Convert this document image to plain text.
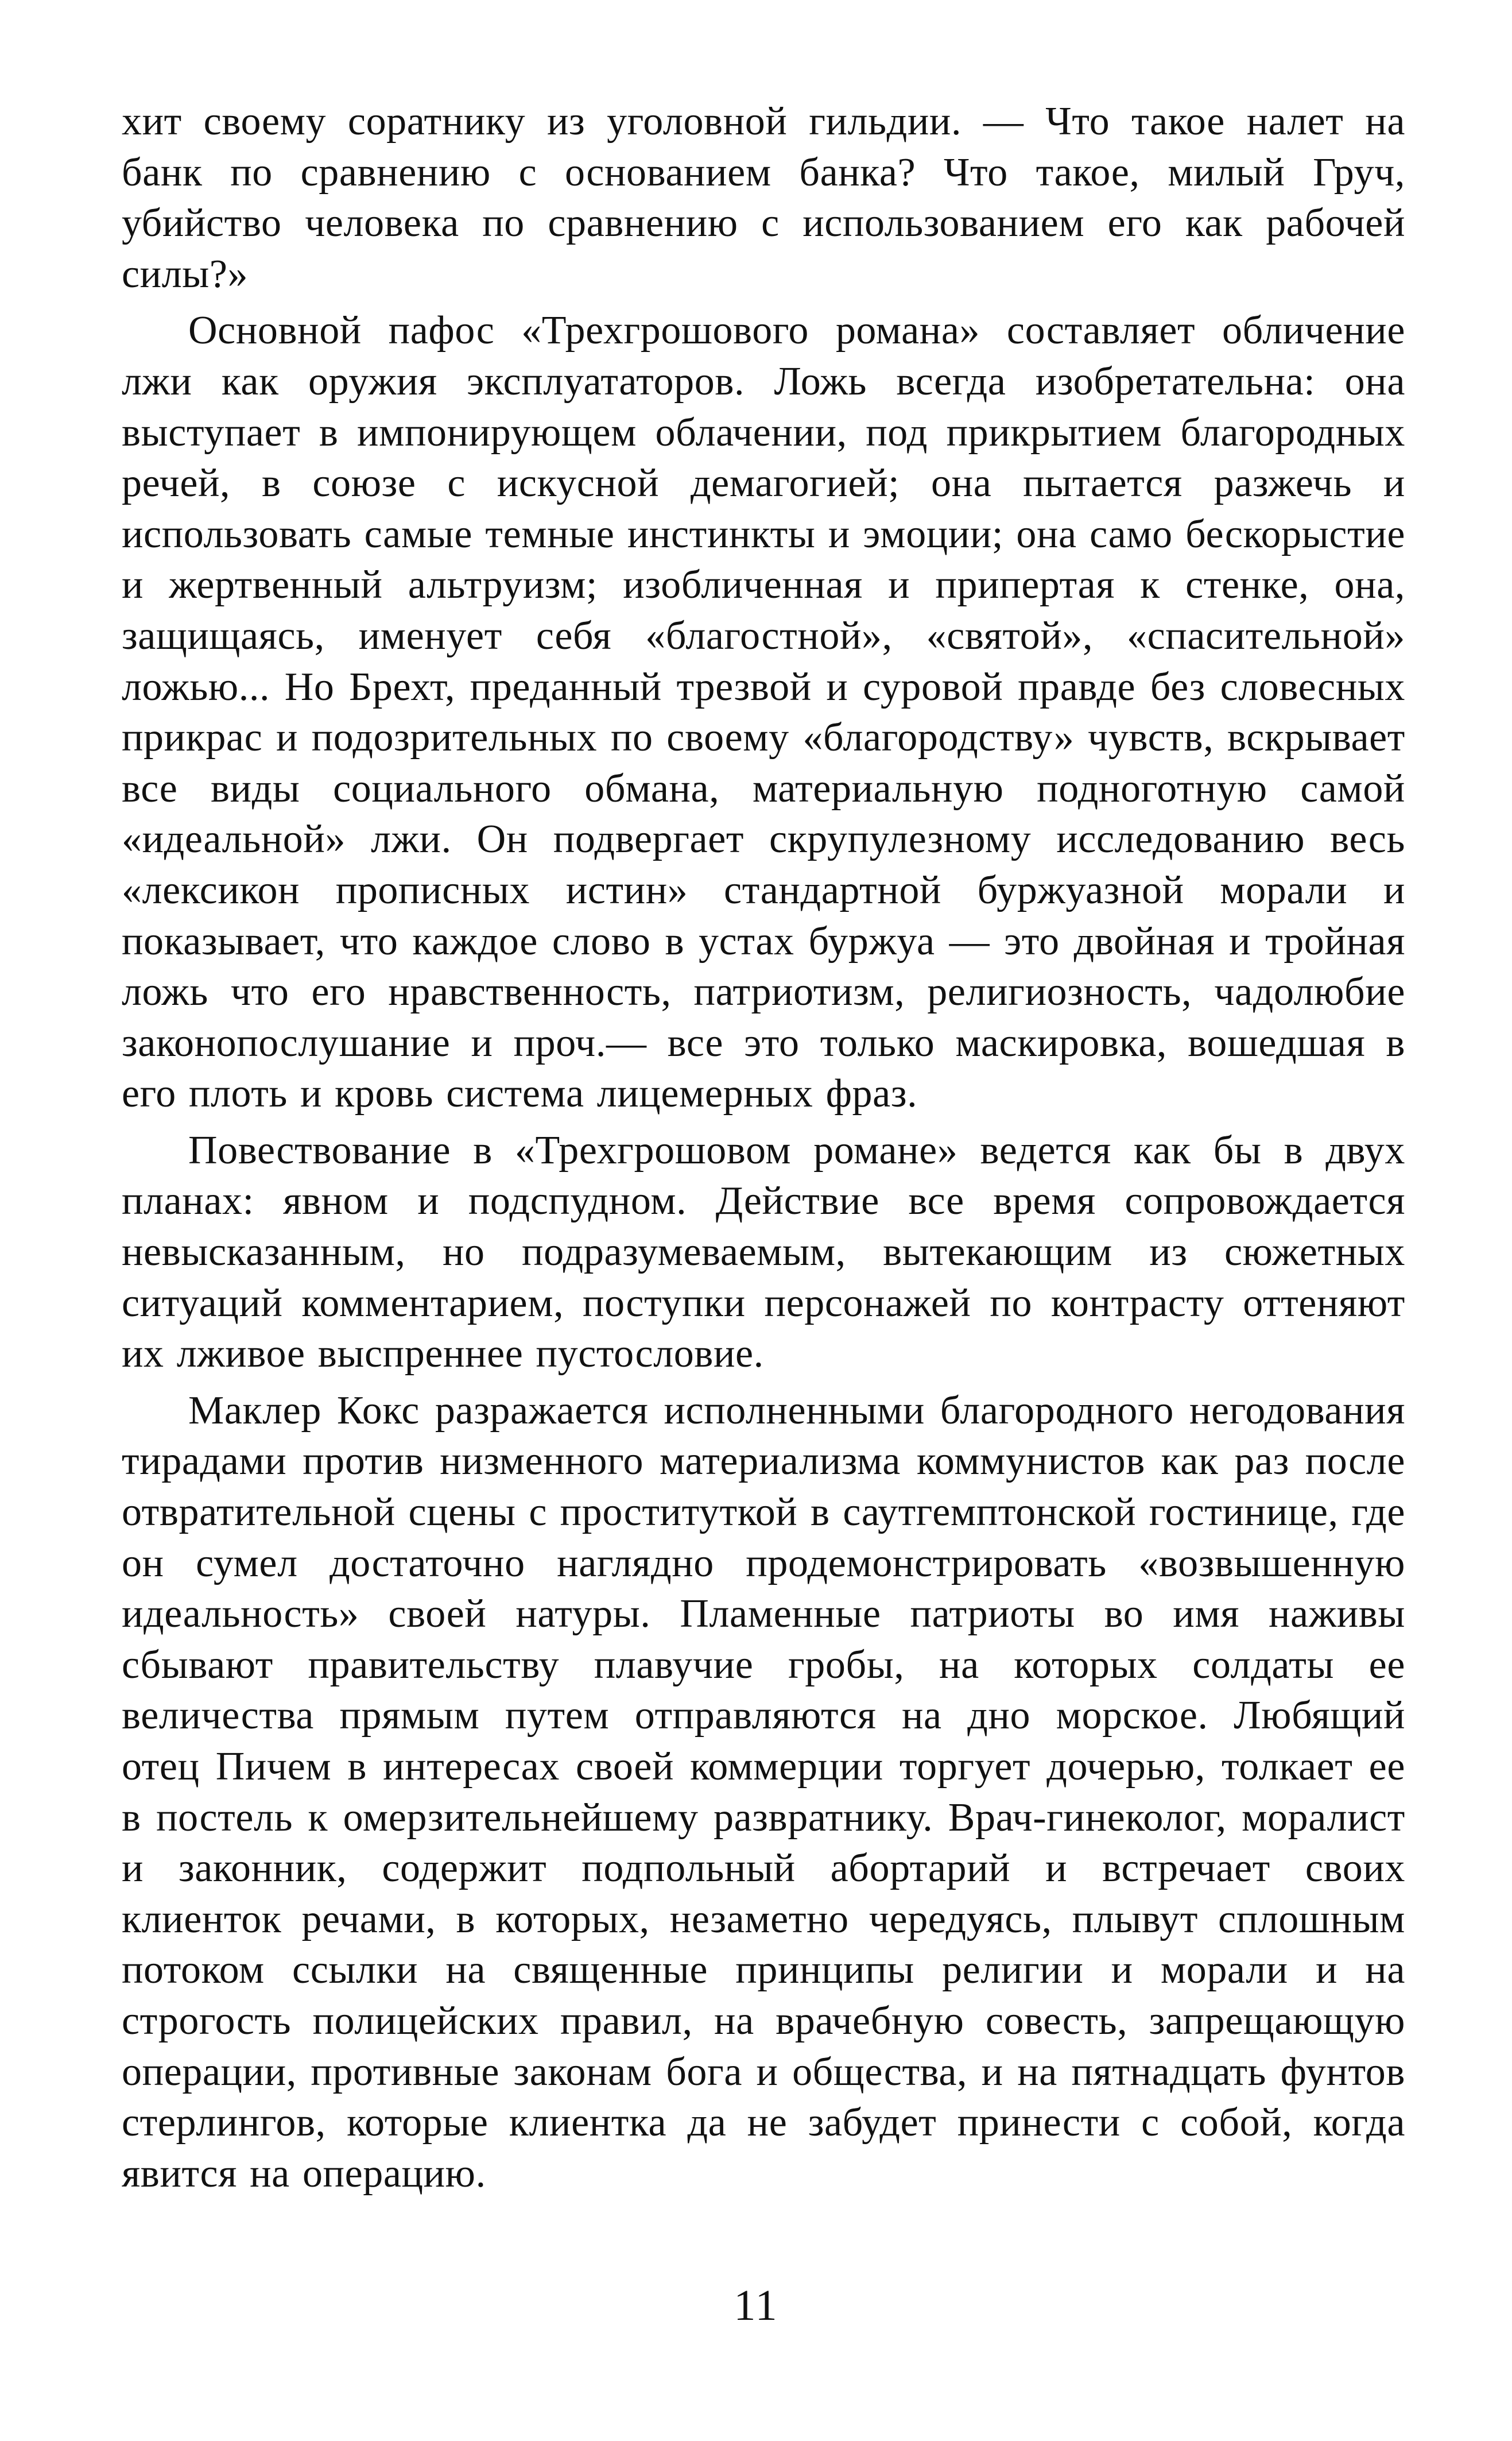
хит своему соратнику из уголовной гильдии. — Что такое налет на банк по сравнению с основанием банка? Что такое, милый Груч, убийство человека по сравнению с использованием его как рабочей силы?»

Основной пафос «Трехгрошового романа» составляет обличение лжи как оружия эксплуататоров. Ложь всегда изобретательна: она выступает в импонирующем облачении, под прикрытием благородных речей, в союзе с искусной демагогией; она пытается разжечь и использовать самые темные инстинкты и эмоции; она само бескорыстие и жертвенный альтруизм; изобличенная и припертая к стенке, она, защищаясь, именует себя «благостной», «святой», «спасительной» ложью... Но Брехт, преданный трезвой и суровой правде без словесных прикрас и подозрительных по своему «благородству» чувств, вскрывает все виды социального обмана, материальную подноготную самой «идеальной» лжи. Он подвергает скрупулезному исследованию весь «лексикон прописных истин» стандартной буржуазной морали и показывает, что каждое слово в устах буржуа — это двойная и тройная ложь что его нравственность, патриотизм, религиозность, чадолюбие законопослушание и проч.— все это только маскировка, вошедшая в его плоть и кровь система лицемерных фраз.

Повествование в «Трехгрошовом романе» ведется как бы в двух планах: явном и подспудном. Действие все время сопровождается невысказанным, но подразумеваемым, вытекающим из сюжетных ситуаций комментарием, поступки персонажей по контрасту оттеняют их лживое выспреннее пустословие.

Маклер Кокс разражается исполненными благородного негодования тирадами против низменного материализма коммунистов как раз после отвратительной сцены с проституткой в саутгемптонской гостинице, где он сумел достаточно наглядно продемонстрировать «возвышенную идеальность» своей натуры. Пламенные патриоты во имя наживы сбывают правительству плавучие гробы, на которых солдаты ее величества прямым путем отправляются на дно морское. Любящий отец Пичем в интересах своей коммерции торгует дочерью, толкает ее в постель к омерзительнейшему развратнику. Врач-гинеколог, моралист и законник, содержит подпольный абортарий и встречает своих клиенток речами, в которых, незаметно чередуясь, плывут сплошным потоком ссылки на священные принципы религии и морали и на строгость полицейских правил, на врачебную совесть, запрещающую операции, противные законам бога и общества, и на пятнадцать фунтов стерлингов, которые клиентка да не забудет принести с собой, когда явится на операцию.

11
